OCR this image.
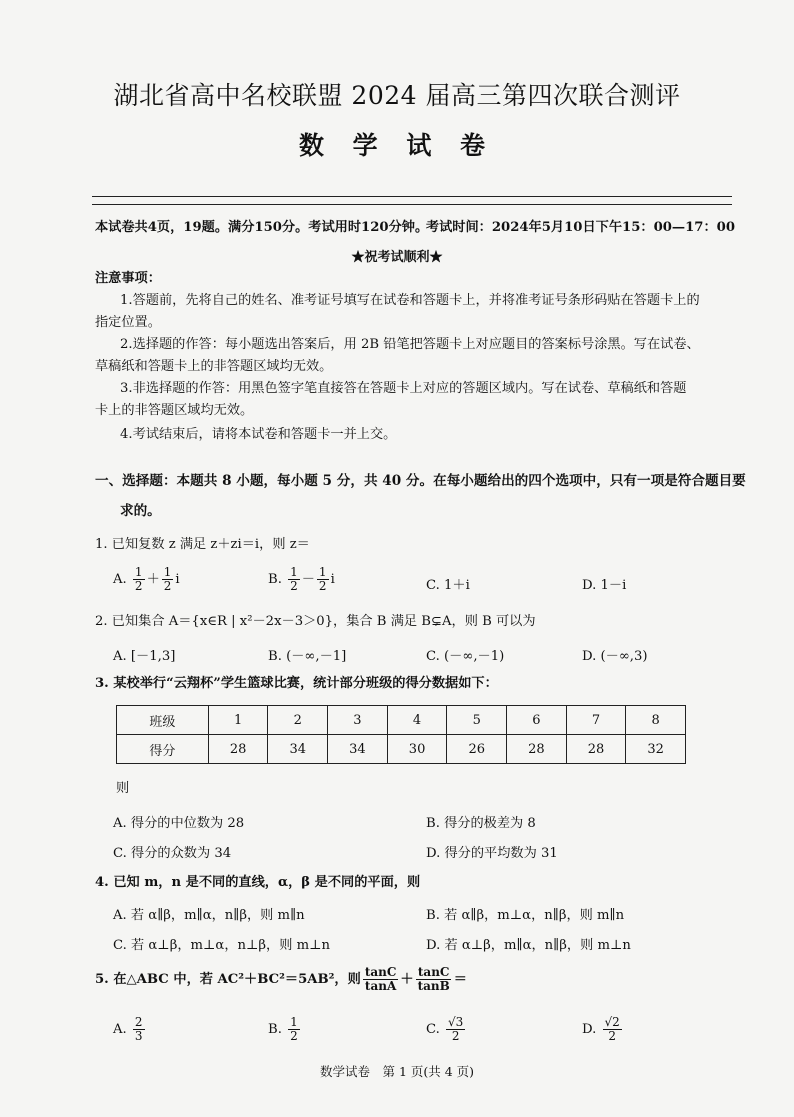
湖北省高中名校联盟 2024 届高三第四次联合测评
数 学 试 卷
本试卷共4页，19题。满分150分。考试用时120分钟。
考试时间：2024年5月10日下午15：00—17：00
★祝考试顺利★
注意事项：
1.答题前，先将自己的姓名、准考证号填写在试卷和答题卡上，并将准考证号条形码贴在答题卡上的
指定位置。
2.选择题的作答：每小题选出答案后，用 2B 铅笔把答题卡上对应题目的答案标号涂黑。写在试卷、
草稿纸和答题卡上的非答题区域均无效。
3.非选择题的作答：用黑色签字笔直接答在答题卡上对应的答题区域内。写在试卷、草稿纸和答题
卡上的非答题区域均无效。
4.考试结束后，请将本试卷和答题卡一并上交。
一、选择题：本题共 8 小题，每小题 5 分，共 40 分。在每小题给出的四个选项中，只有一项是符合题目要
求的。
1. 已知复数 z 满足 z＋zi＝i，则 z＝
A. $\frac{1}{2} + \frac{1}{2}$ i	B. $\frac{1}{2} - \frac{1}{2}$ i	C. 1＋i	D. 1－i
2. 已知集合 A＝{x∈R | x²－2x－3＞0}，集合 B 满足 B⊊A，则 B 可以为
A. [－1,3]	B. (－∞,－1]	C. (－∞,－1)	D. (－∞,3)
3. 某校举行“云翔杯”学生篮球比赛，统计部分班级的得分数据如下：
班级	1	2	3	4	5	6	7	8
得分	28	34	34	30	26	28	28	32
则
A. 得分的中位数为 28	B. 得分的极差为 8
C. 得分的众数为 34	D. 得分的平均数为 31
4. 已知 m，n 是不同的直线，α，β 是不同的平面，则
A. 若 α∥β，m∥α，n∥β，则 m∥n	B. 若 α∥β，m⊥α，n∥β，则 m∥n
C. 若 α⊥β，m⊥α，n⊥β，则 m⊥n	D. 若 α⊥β，m∥α，n∥β，则 m⊥n
5. 在△ABC 中，若 AC²＋BC²＝5AB²，则 $\frac{\tan C}{\tan A} + \frac{\tan C}{\tan B}$ ＝
A. $\frac{2}{3}$	B. $\frac{1}{2}$	C. $\frac{√3}{2}$	D. $\frac{√2}{2}$
数学试卷　第 1 页(共 4 页)
